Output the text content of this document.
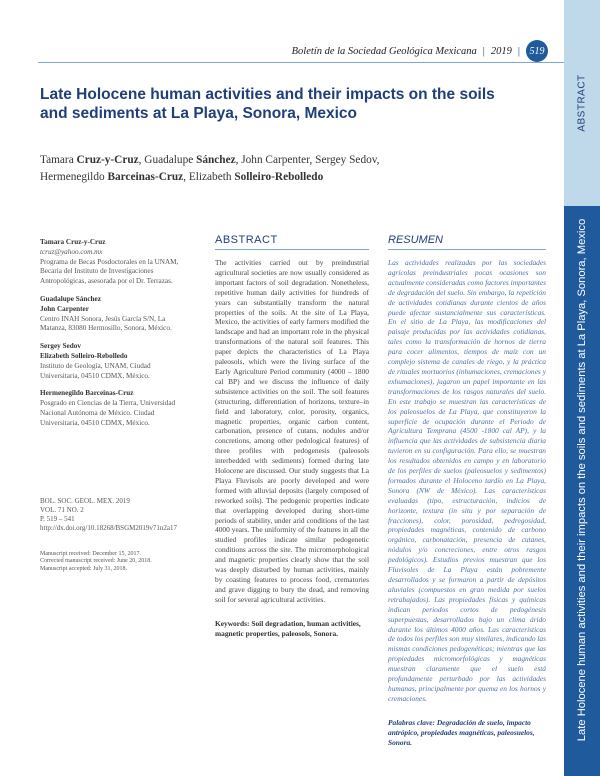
Boletín de la Sociedad Geológica Mexicana | 2019 | 519
Late Holocene human activities and their impacts on the soils and sediments at La Playa, Sonora, Mexico
Tamara Cruz-y-Cruz, Guadalupe Sánchez, John Carpenter, Sergey Sedov,
Hermenegildo Barceinas-Cruz, Elizabeth Solleiro-Rebolledo
ABSTRACT
Late Holocene human activities and their impacts on the soils and sediments at La Playa, Sonora, Mexico
Tamara Cruz-y-Cruz
tcruz@yahoo.com.mx
Programa de Becas Posdoctorales en la UNAM, Becaria del Instituto de Investigaciones Antropológicas, asesorada por el Dr. Terrazas.
Guadalupe Sánchez
John Carpenter
Centro INAH Sonora, Jesús García S/N, La Matanza, 83080 Hermosillo, Sonora, México.
Sergey Sedov
Elizabeth Solleiro-Rebolledo
Instituto de Geología, UNAM, Ciudad Universitaria, 04510 CDMX, México.
Hermenegildo Barceinas-Cruz
Posgrado en Ciencias de la Tierra, Universidad Nacional Autónoma de México. Ciudad Universitaria, 04510 CDMX, México.
BOL. SOC. GEOL. MEX. 2019
VOL. 71 NO. 2
P. 519 ‒ 541
http://dx.doi.org/10.18268/BSGM2019v71n2a17
Manuscript received: December 15, 2017.
Corrected manuscript received: June 20, 2018.
Manuscript accepted: July 31, 2018.
ABSTRACT
The activities carried out by preindustrial agricultural societies are now usually considered as important factors of soil degradation. Nonetheless, repetitive human daily activities for hundreds of years can substantially transform the natural properties of the soils. At the site of La Playa, Mexico, the activities of early farmers modified the landscape and had an important role in the physical transformations of the natural soil features. This paper depicts the characteristics of La Playa paleosols, which were the living surface of the Early Agriculture Period community (4000 – 1800 cal BP) and we discuss the influence of daily subsistence activities on the soil. The soil features (structuring, differentiation of horizons, texture–in field and laboratory, color, porosity, organics, magnetic properties, organic carbon content, carbonation, presence of cutans, nodules and/or concretions, among other pedological features) of three profiles with pedogenesis (paleosols interbedded with sediments) formed during late Holocene are discussed. Our study suggests that La Playa Fluvisols are poorly developed and were formed with alluvial deposits (largely composed of reworked soils). The pedogenic properties indicate that overlapping developed during short-time periods of stability, under arid conditions of the last 4000 years. The uniformity of the features in all the studied profiles indicate similar pedogenetic conditions across the site. The micromorphological and magnetic properties clearly show that the soil was deeply disturbed by human activities, mainly by coasting features to process food, crematories and grave digging to bury the dead, and removing soil for several agricultural activities.
Keywords: Soil degradation, human activities, magnetic properties, paleosols, Sonora.
RESUMEN
Las actividades realizadas por las sociedades agrícolas preindustriales pocas ocasiones son actualmente consideradas como factores importantes de degradación del suelo. Sin embargo, la repetición de actividades cotidianas durante cientos de años puede afectar sustancialmente sus características. En el sitio de La Playa, las modificaciones del paisaje producidas por las actividades cotidianas, tales como la transformación de hornos de tierra para cocer alimentos, tiempos de maíz con un complejo sistema de canales de riego, y la práctica de rituales mortuorios (inhumaciones, cremaciones y exhumaciones), jugaron un papel importante en las transformaciones de los rasgos naturales del suelo. En este trabajo se muestran las características de los paleosuelos de La Playa, que constituyeron la superficie de ocupación durante el Periodo de Agricultura Temprana (4500 -1800 cal AP), y la influencia que las actividades de subsistencia diaria tuvieron en su configuración. Para ello, se muestran los resultados obtenidos en campo y en laboratorio de los perfiles de suelos (paleosuelos y sedimentos) formados durante el Holoceno tardío en La Playa, Sonora (NW de México). Las características evaluadas (tipo, estructuración, indicios de horizonte, textura (in situ y por separación de fracciones), color, porosidad, pedregosidad, propiedades magnéticas, contenido de carbono orgánico, carbonatación, presencia de cutanes, nódulos y/o concreciones, entre otros rasgos pedológicos). Estudios previos muestran que los Fluvisoles de La Playa están pobremente desarrollados y se formaron a partir de depósitos aluviales (compuestos en gran medida por suelos retrabajados). Las propiedades físicas y químicas indican periodos cortos de pedogénesis superpuestas, desarrollados bajo un clima árido durante los últimos 4000 años. Las características de todos los perfiles son muy similares, indicando las mismas condiciones pedogenéticas; mientras que las propiedades micromorfológicas y magnéticas muestran claramente que el suelo está profundamente perturbado por las actividades humanas, principalmente por quema en los hornos y cremaciones.
Palabras clave: Degradación de suelo, impacto antrópico, propiedades magnéticas, paleosuelos, Sonora.
